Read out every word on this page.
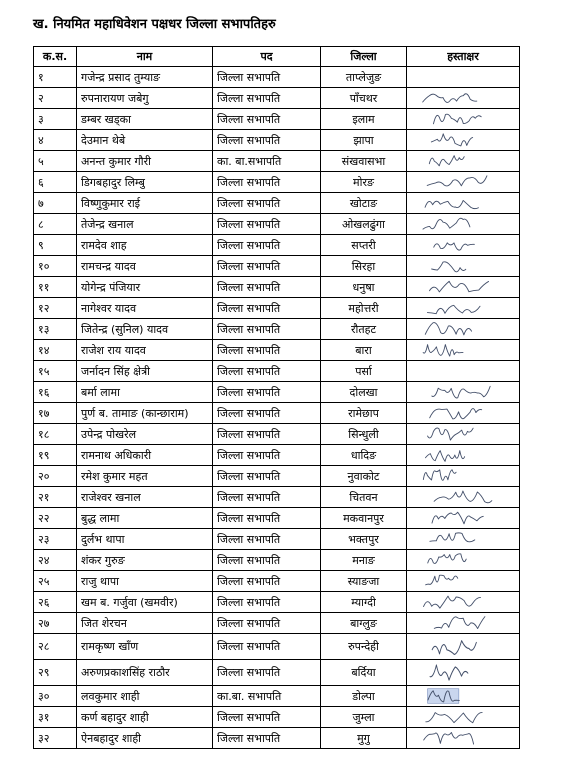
ख. नियमित महाधिवेशन पक्षधर जिल्ला सभापतिहरु
क.स.	नाम	पद	जिल्ला	हस्ताक्षर
१	गजेन्द्र प्रसाद तुम्याङ	जिल्ला सभापति	ताप्लेजुङ	
२	रुपनारायण जबेगु	जिल्ला सभापति	पाँचथर	

३	डम्बर खड्का	जिल्ला सभापति	इलाम	

४	देउमान थेबे	जिल्ला सभापति	झापा	

५	अनन्त कुमार गौरी	का. बा.सभापति	संखवासभा	

६	डिगबहादुर लिम्बु	जिल्ला सभापति	मोरङ	

७	विष्णुकुमार राई	जिल्ला सभापति	खोटाङ	

८	तेजेन्द्र खनाल	जिल्ला सभापति	ओखलढुंगा	

९	रामदेव शाह	जिल्ला सभापति	सप्तरी	

१०	रामचन्द्र यादव	जिल्ला सभापति	सिरहा	

११	योगेन्द्र पंजियार	जिल्ला सभापति	धनुषा	

१२	नागेश्वर यादव	जिल्ला सभापति	महोत्तरी	

१३	जितेन्द्र (सुनिल) यादव	जिल्ला सभापति	रौतहट	

१४	राजेश राय यादव	जिल्ला सभापति	बारा	

१५	जर्नादन सिंह क्षेत्री	जिल्ला सभापति	पर्सा	
१६	बर्मा लामा	जिल्ला सभापति	दोलखा	

१७	पुर्ण ब. तामाङ (कान्छाराम)	जिल्ला सभापति	रामेछाप	

१८	उपेन्द्र पोखरेल	जिल्ला सभापति	सिन्धुली	

१९	रामनाथ अधिकारी	जिल्ला सभापति	धादिङ	

२०	रमेश कुमार महत	जिल्ला सभापति	नुवाकोट	

२१	राजेश्वर खनाल	जिल्ला सभापति	चितवन	

२२	बुद्ध लामा	जिल्ला सभापति	मकवानपुर	

२३	दुर्लभ थापा	जिल्ला सभापति	भक्तपुर	

२४	शंकर गुरुङ	जिल्ला सभापति	मनाङ	

२५	राजु थापा	जिल्ला सभापति	स्याङजा	

२६	खम ब. गर्जुवा (खमवीर)	जिल्ला सभापति	म्याग्दी	

२७	जित शेरचन	जिल्ला सभापति	बाग्लुङ	

२८	रामकृष्ण खाँण	जिल्ला सभापति	रुपन्देही	

२९	अरुणप्रकाशसिंह राठौर	जिल्ला सभापति	बर्दिया	

३०	लवकुमार शाही	का.बा. सभापति	डोल्पा	

३१	कर्ण बहादुर शाही	जिल्ला सभापति	जुम्ला	

३२	ऐनबहादुर शाही	जिल्ला सभापति	मुगु	
